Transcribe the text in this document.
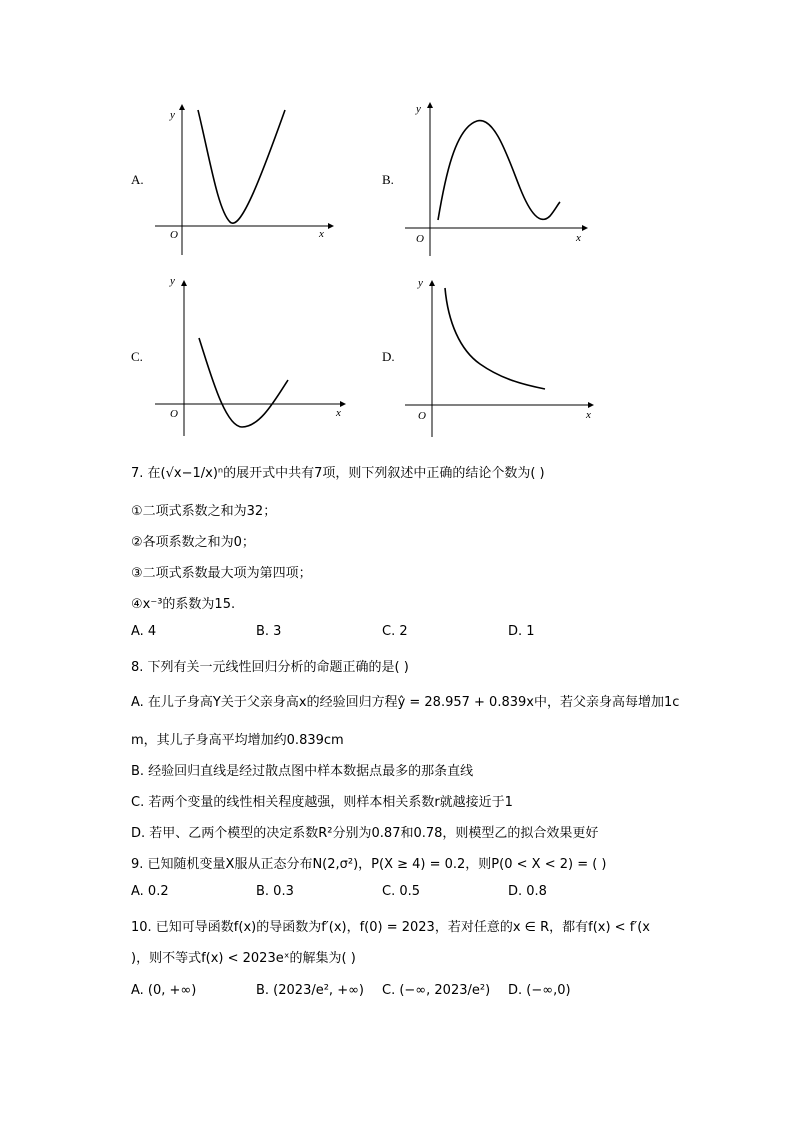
A.
y
x
O
B.
y
x
O
C.
y
x
O
D.
y
x
O
7. 在(√x−1/x)ⁿ的展开式中共有7项，则下列叙述中正确的结论个数为( )
①二项式系数之和为32；
②各项系数之和为0；
③二项式系数最大项为第四项；
④x⁻³的系数为15.
A. 4	B. 3	C. 2	D. 1
8. 下列有关一元线性回归分析的命题正确的是( )
A. 在儿子身高Y关于父亲身高x的经验回归方程ŷ = 28.957 + 0.839x中，若父亲身高每增加1c
m，其儿子身高平均增加约0.839cm
B. 经验回归直线是经过散点图中样本数据点最多的那条直线
C. 若两个变量的线性相关程度越强，则样本相关系数r就越接近于1
D. 若甲、乙两个模型的决定系数R²分别为0.87和0.78，则模型乙的拟合效果更好
9. 已知随机变量X服从正态分布N(2,σ²)，P(X ≥ 4) = 0.2，则P(0 < X < 2) = ( )
A. 0.2	B. 0.3	C. 0.5	D. 0.8
10. 已知可导函数f(x)的导函数为f′(x)，f(0) = 2023，若对任意的x ∈ R，都有f(x) < f′(x
)，则不等式f(x) < 2023eˣ的解集为( )
A. (0, +∞)	B. (2023/e², +∞) C. (−∞, 2023/e²) D. (−∞,0)
